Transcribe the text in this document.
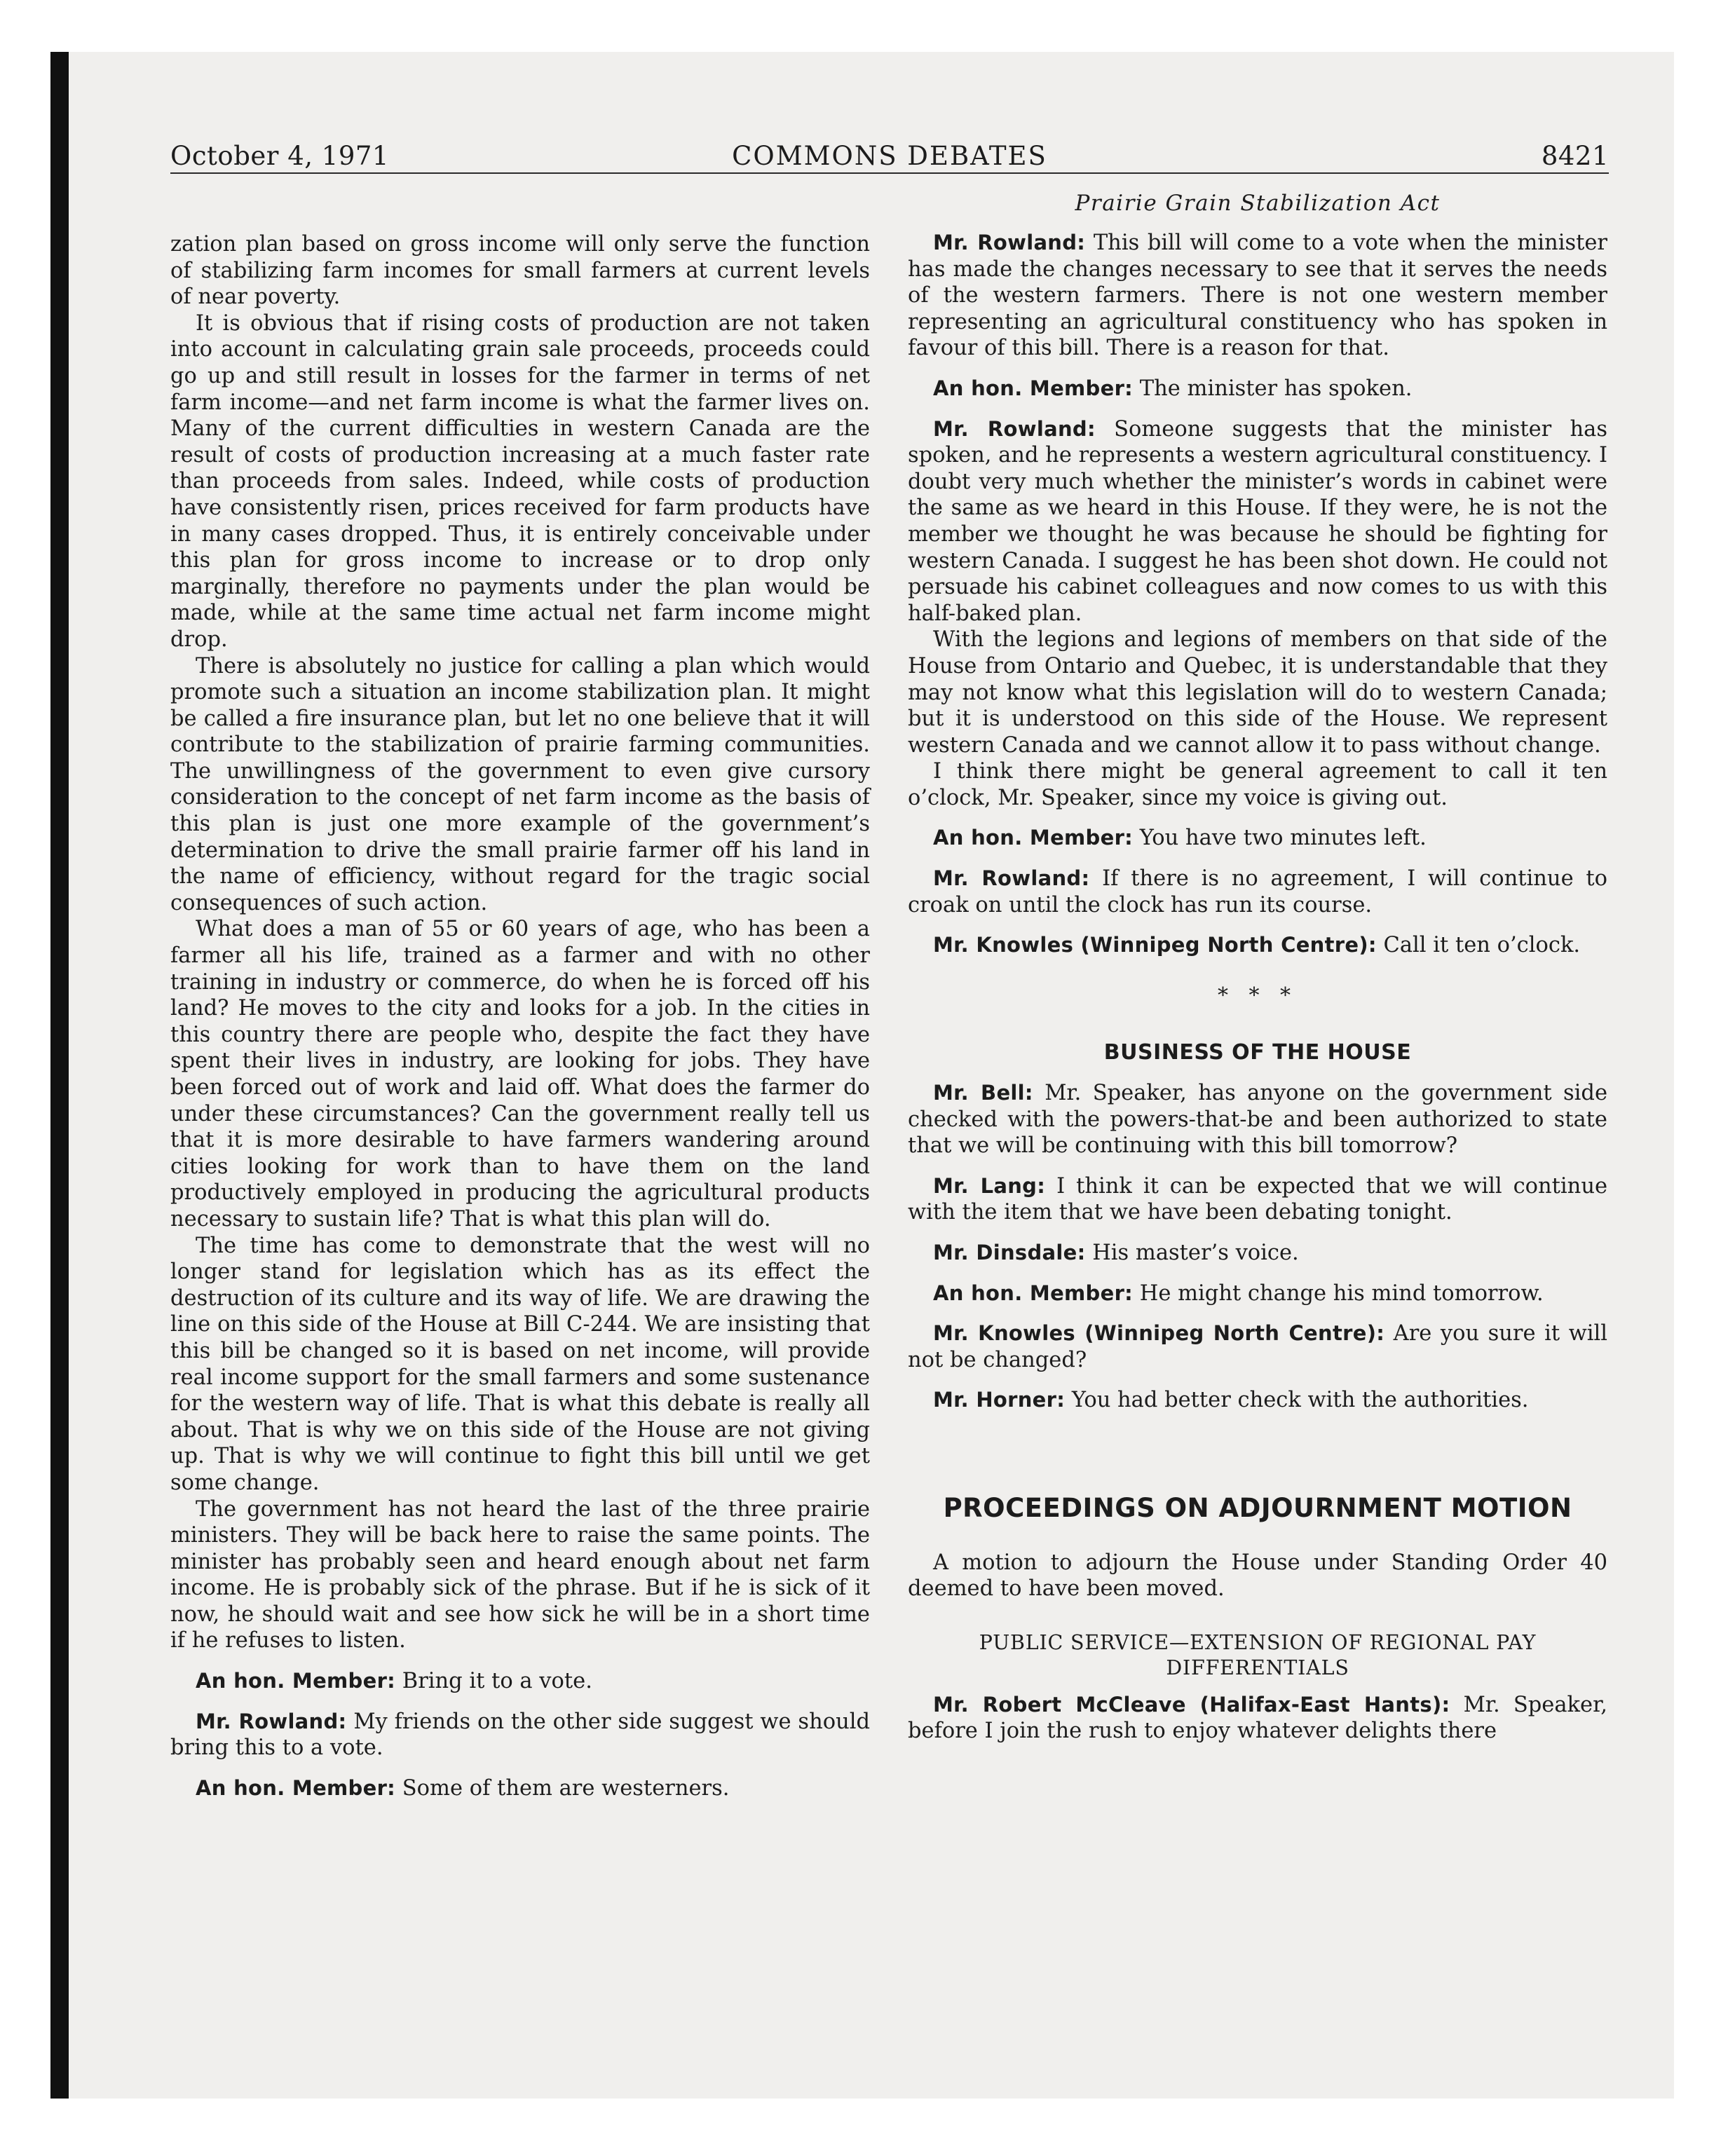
October 4, 1971	COMMONS DEBATES	8421

zation plan based on gross income will only serve the function of stabilizing farm incomes for small farmers at current levels of near poverty.

It is obvious that if rising costs of production are not taken into account in calculating grain sale proceeds, proceeds could go up and still result in losses for the farmer in terms of net farm income—and net farm income is what the farmer lives on. Many of the current difficulties in western Canada are the result of costs of production increasing at a much faster rate than proceeds from sales. Indeed, while costs of production have consistently risen, prices received for farm products have in many cases dropped. Thus, it is entirely conceivable under this plan for gross income to increase or to drop only marginally, therefore no payments under the plan would be made, while at the same time actual net farm income might drop.

There is absolutely no justice for calling a plan which would promote such a situation an income stabilization plan. It might be called a fire insurance plan, but let no one believe that it will contribute to the stabilization of prairie farming communities. The unwillingness of the government to even give cursory consideration to the concept of net farm income as the basis of this plan is just one more example of the government’s determination to drive the small prairie farmer off his land in the name of efficiency, without regard for the tragic social consequences of such action.

What does a man of 55 or 60 years of age, who has been a farmer all his life, trained as a farmer and with no other training in industry or commerce, do when he is forced off his land? He moves to the city and looks for a job. In the cities in this country there are people who, despite the fact they have spent their lives in industry, are looking for jobs. They have been forced out of work and laid off. What does the farmer do under these circumstances? Can the government really tell us that it is more desirable to have farmers wandering around cities looking for work than to have them on the land productively employed in producing the agricultural products necessary to sustain life? That is what this plan will do.

The time has come to demonstrate that the west will no longer stand for legislation which has as its effect the destruction of its culture and its way of life. We are drawing the line on this side of the House at Bill C-244. We are insisting that this bill be changed so it is based on net income, will provide real income support for the small farmers and some sustenance for the western way of life. That is what this debate is really all about. That is why we on this side of the House are not giving up. That is why we will continue to fight this bill until we get some change.

The government has not heard the last of the three prairie ministers. They will be back here to raise the same points. The minister has probably seen and heard enough about net farm income. He is probably sick of the phrase. But if he is sick of it now, he should wait and see how sick he will be in a short time if he refuses to listen.

An hon. Member: Bring it to a vote.

Mr. Rowland: My friends on the other side suggest we should bring this to a vote.

An hon. Member: Some of them are westerners.

Prairie Grain Stabilization Act

Mr. Rowland: This bill will come to a vote when the minister has made the changes necessary to see that it serves the needs of the western farmers. There is not one western member representing an agricultural constituency who has spoken in favour of this bill. There is a reason for that.

An hon. Member: The minister has spoken.

Mr. Rowland: Someone suggests that the minister has spoken, and he represents a western agricultural constituency. I doubt very much whether the minister’s words in cabinet were the same as we heard in this House. If they were, he is not the member we thought he was because he should be fighting for western Canada. I suggest he has been shot down. He could not persuade his cabinet colleagues and now comes to us with this half-baked plan.

With the legions and legions of members on that side of the House from Ontario and Quebec, it is understandable that they may not know what this legislation will do to western Canada; but it is understood on this side of the House. We represent western Canada and we cannot allow it to pass without change.

I think there might be general agreement to call it ten o’clock, Mr. Speaker, since my voice is giving out.

An hon. Member: You have two minutes left.

Mr. Rowland: If there is no agreement, I will continue to croak on until the clock has run its course.

Mr. Knowles (Winnipeg North Centre): Call it ten o’clock.

* * *
BUSINESS OF THE HOUSE

Mr. Bell: Mr. Speaker, has anyone on the government side checked with the powers-that-be and been authorized to state that we will be continuing with this bill tomorrow?

Mr. Lang: I think it can be expected that we will continue with the item that we have been debating tonight.

Mr. Dinsdale: His master’s voice.

An hon. Member: He might change his mind tomorrow.

Mr. Knowles (Winnipeg North Centre): Are you sure it will not be changed?

Mr. Horner: You had better check with the authorities.

PROCEEDINGS ON ADJOURNMENT MOTION

A motion to adjourn the House under Standing Order 40 deemed to have been moved.

PUBLIC SERVICE—EXTENSION OF REGIONAL PAY DIFFERENTIALS

Mr. Robert McCleave (Halifax-East Hants): Mr. Speaker, before I join the rush to enjoy whatever delights there
